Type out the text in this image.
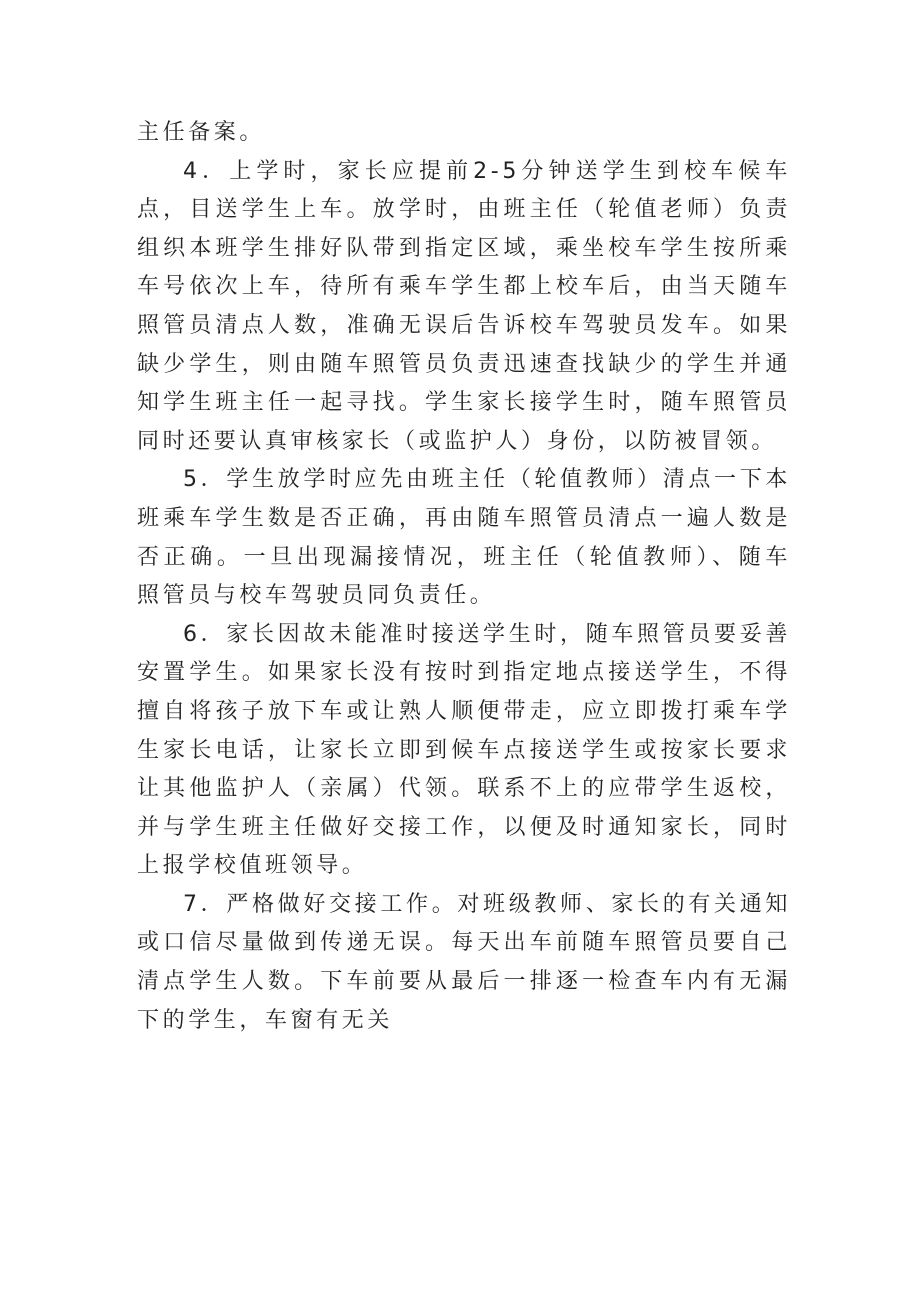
主任备案。

4．上学时，家长应提前2-5分钟送学生到校车候车点，目送学生上车。放学时，由班主任（轮值老师）负责组织本班学生排好队带到指定区域，乘坐校车学生按所乘车号依次上车，待所有乘车学生都上校车后，由当天随车照管员清点人数，准确无误后告诉校车驾驶员发车。如果缺少学生，则由随车照管员负责迅速查找缺少的学生并通知学生班主任一起寻找。学生家长接学生时，随车照管员同时还要认真审核家长（或监护人）身份，以防被冒领。

5．学生放学时应先由班主任（轮值教师）清点一下本班乘车学生数是否正确，再由随车照管员清点一遍人数是否正确。一旦出现漏接情况，班主任（轮值教师）、随车照管员与校车驾驶员同负责任。

6．家长因故未能准时接送学生时，随车照管员要妥善安置学生。如果家长没有按时到指定地点接送学生，不得擅自将孩子放下车或让熟人顺便带走，应立即拨打乘车学生家长电话，让家长立即到候车点接送学生或按家长要求让其他监护人（亲属）代领。联系不上的应带学生返校，并与学生班主任做好交接工作，以便及时通知家长，同时上报学校值班领导。

7．严格做好交接工作。对班级教师、家长的有关通知或口信尽量做到传递无误。每天出车前随车照管员要自己清点学生人数。下车前要从最后一排逐一检查车内有无漏下的学生，车窗有无关
